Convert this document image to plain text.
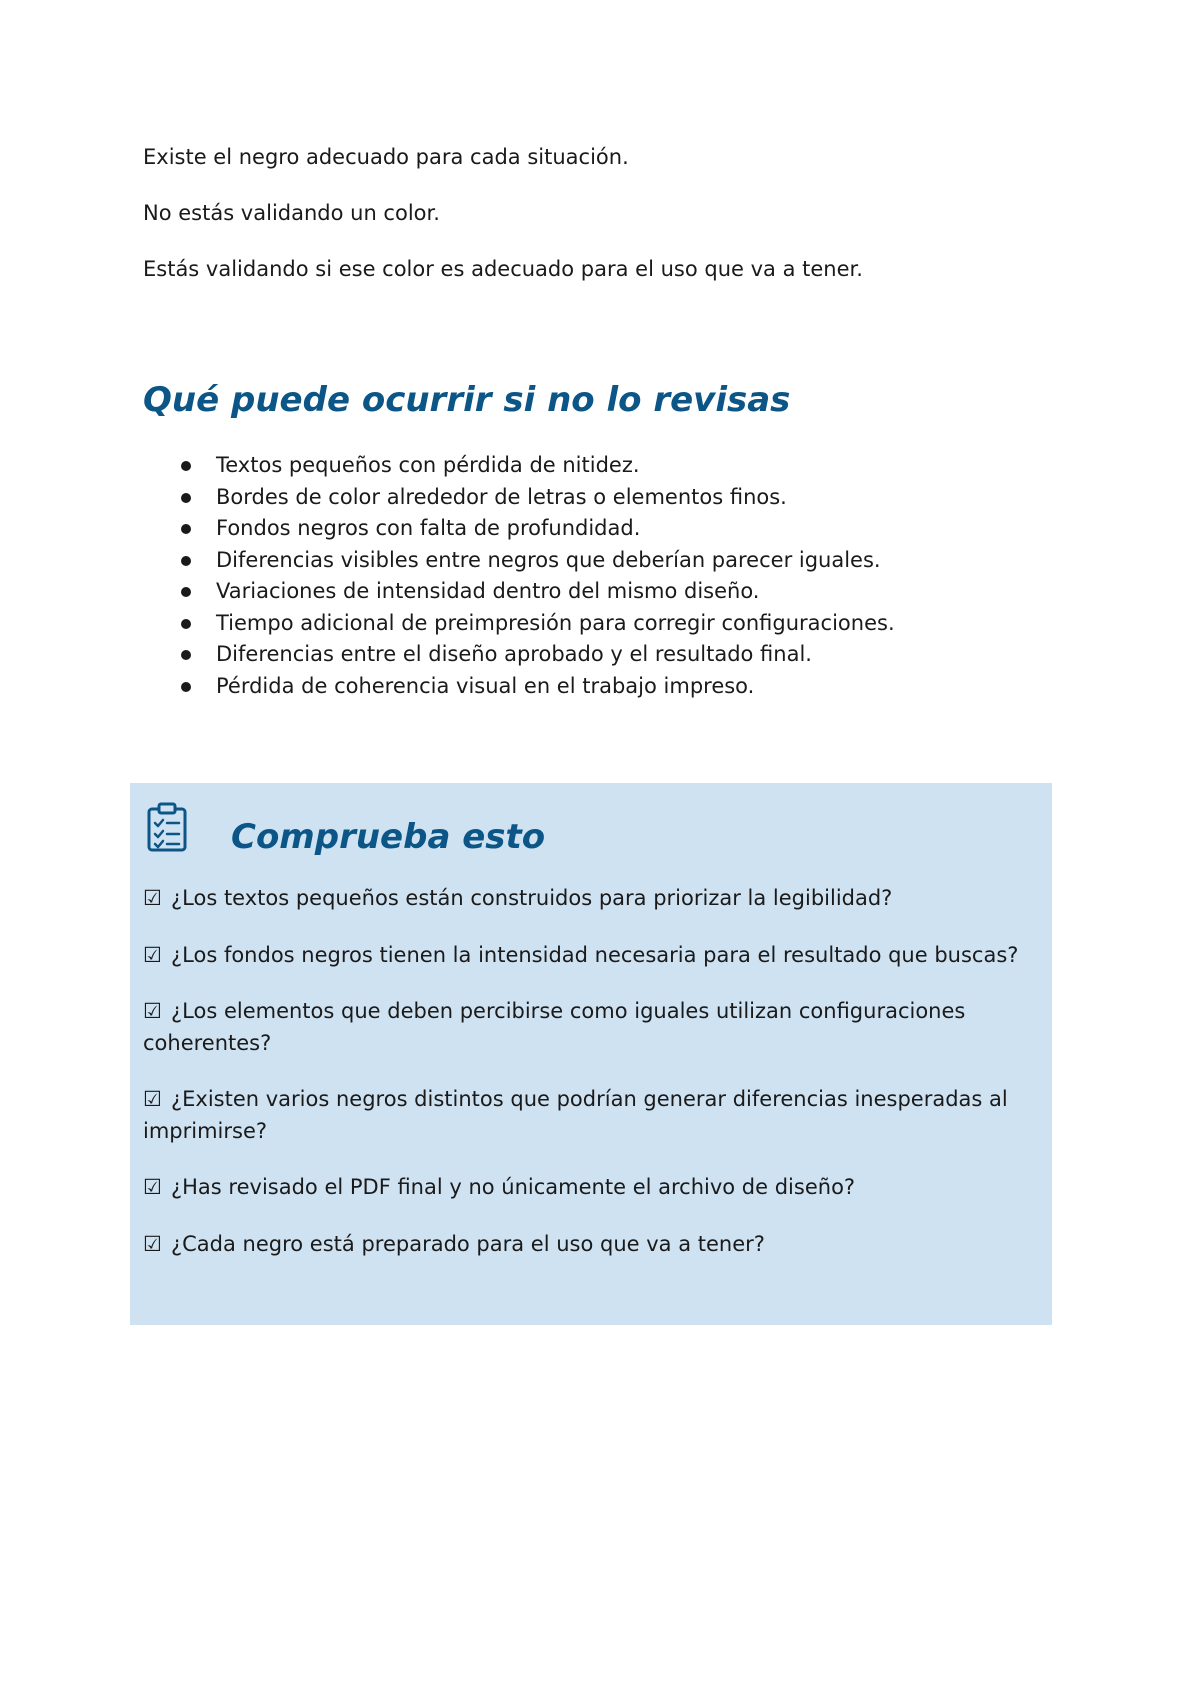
Existe el negro adecuado para cada situación.

No estás validando un color.

Estás validando si ese color es adecuado para el uso que va a tener.

Qué puede ocurrir si no lo revisas
Textos pequeños con pérdida de nitidez.
Bordes de color alrededor de letras o elementos finos.
Fondos negros con falta de profundidad.
Diferencias visibles entre negros que deberían parecer iguales.
Variaciones de intensidad dentro del mismo diseño.
Tiempo adicional de preimpresión para corregir configuraciones.
Diferencias entre el diseño aprobado y el resultado final.
Pérdida de coherencia visual en el trabajo impreso.
Comprueba esto
☑ ¿Los textos pequeños están construidos para priorizar la legibilidad?
☑ ¿Los fondos negros tienen la intensidad necesaria para el resultado que buscas?
☑ ¿Los elementos que deben percibirse como iguales utilizan configuraciones coherentes?
☑ ¿Existen varios negros distintos que podrían generar diferencias inesperadas al imprimirse?
☑ ¿Has revisado el PDF final y no únicamente el archivo de diseño?
☑ ¿Cada negro está preparado para el uso que va a tener?
